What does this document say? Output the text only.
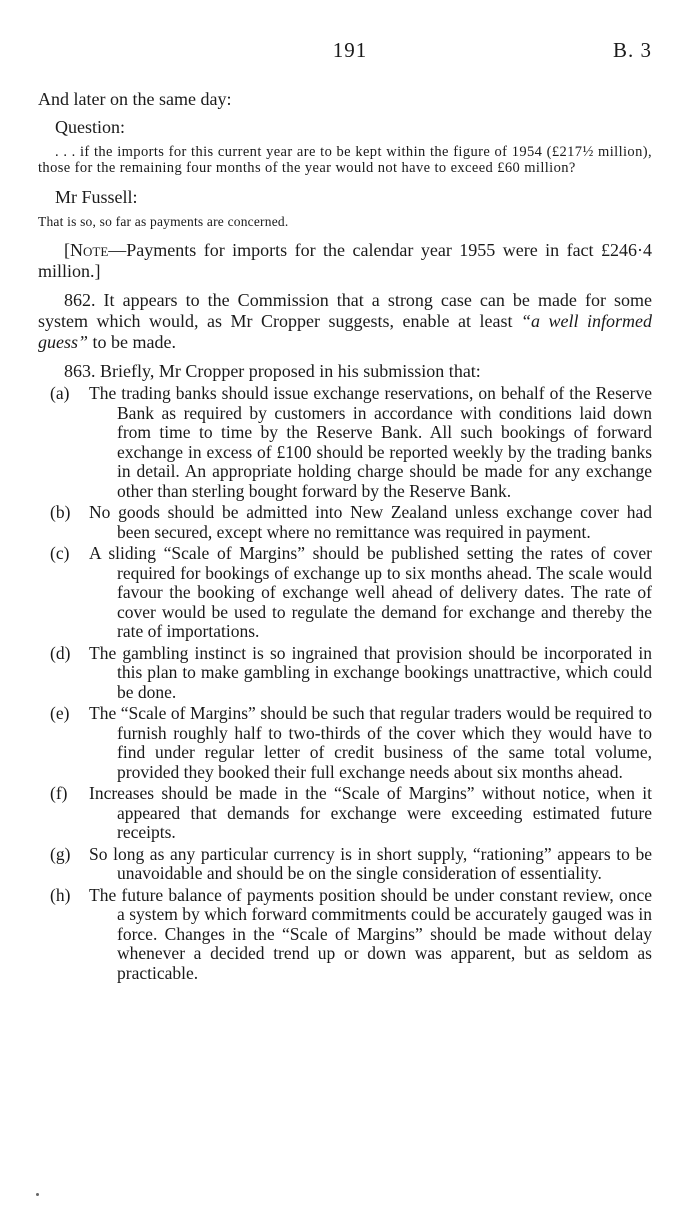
191	B. 3

And later on the same day:

Question:

. . . if the imports for this current year are to be kept within the figure of 1954 (£217½ million), those for the remaining four months of the year would not have to exceed £60 million?

Mr Fussell:

That is so, so far as payments are concerned.

[Note—Payments for imports for the calendar year 1955 were in fact £246·4 million.]

862. It appears to the Commission that a strong case can be made for some system which would, as Mr Cropper suggests, enable at least “a well informed guess” to be made.

863. Briefly, Mr Cropper proposed in his submission that:

(a) The trading banks should issue exchange reservations, on behalf of the Reserve Bank as required by customers in accordance with conditions laid down from time to time by the Reserve Bank. All such bookings of forward exchange in excess of £100 should be reported weekly by the trading banks in detail. An appropriate holding charge should be made for any exchange other than sterling bought forward by the Reserve Bank.
(b) No goods should be admitted into New Zealand unless exchange cover had been secured, except where no remittance was required in payment.
(c) A sliding “Scale of Margins” should be published setting the rates of cover required for bookings of exchange up to six months ahead. The scale would favour the booking of exchange well ahead of delivery dates. The rate of cover would be used to regulate the demand for exchange and thereby the rate of importations.
(d) The gambling instinct is so ingrained that provision should be incorporated in this plan to make gambling in exchange bookings unattractive, which could be done.
(e) The “Scale of Margins” should be such that regular traders would be required to furnish roughly half to two-thirds of the cover which they would have to find under regular letter of credit business of the same total volume, provided they booked their full exchange needs about six months ahead.
(f) Increases should be made in the “Scale of Margins” without notice, when it appeared that demands for exchange were exceeding estimated future receipts.
(g) So long as any particular currency is in short supply, “rationing” appears to be unavoidable and should be on the single consideration of essentiality.
(h) The future balance of payments position should be under constant review, once a system by which forward commitments could be accurately gauged was in force. Changes in the “Scale of Margins” should be made without delay whenever a decided trend up or down was apparent, but as seldom as practicable.
